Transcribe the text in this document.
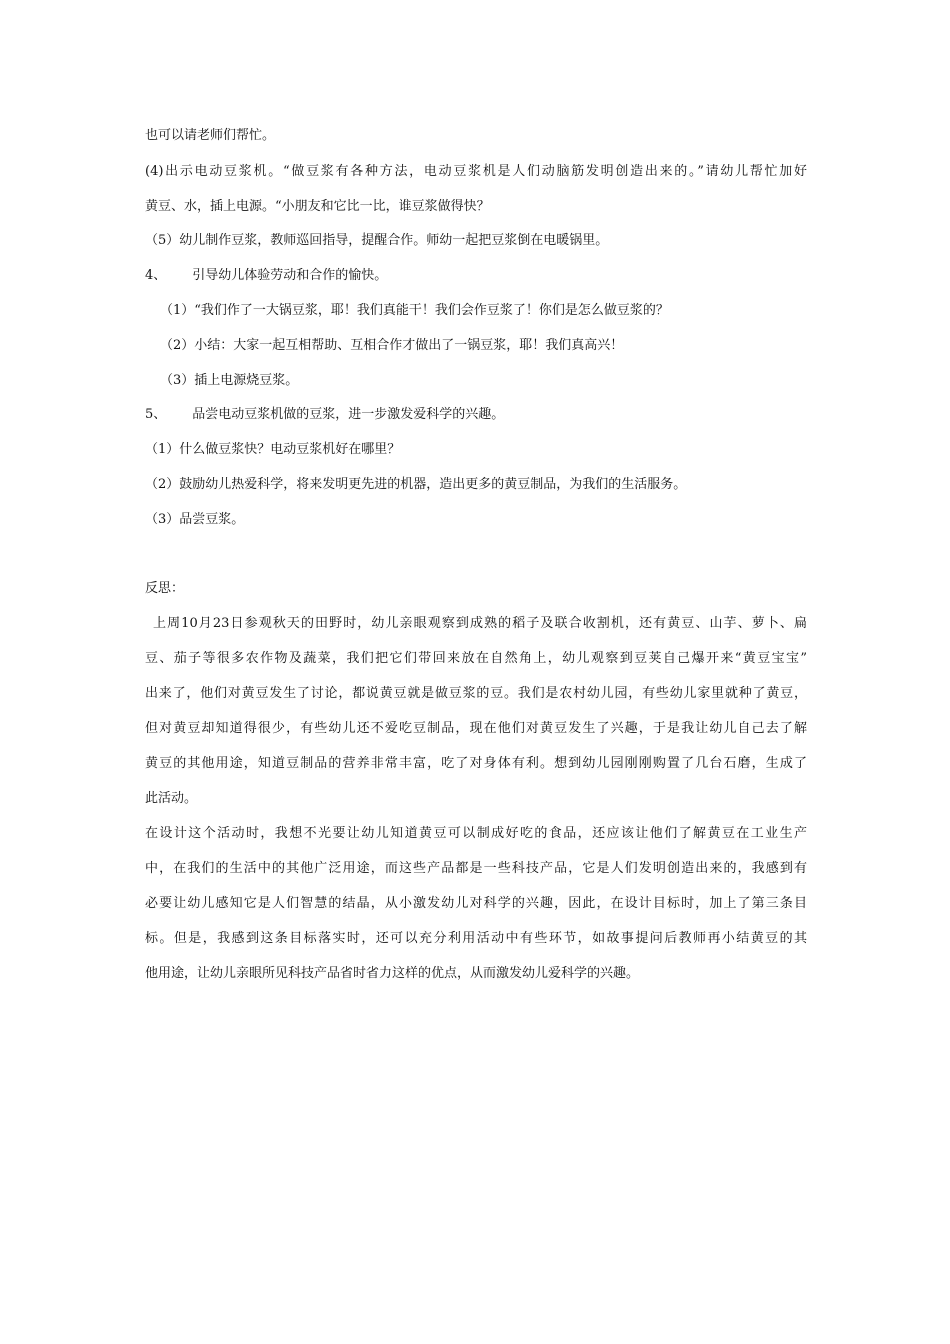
也可以请老师们帮忙。
(4)出示电动豆浆机。“做豆浆有各种方法，电动豆浆机是人们动脑筋发明创造出来的。”请幼儿帮忙加好
黄豆、水，插上电源。“小朋友和它比一比，谁豆浆做得快？
（5）幼儿制作豆浆，教师巡回指导，提醒合作。师幼一起把豆浆倒在电暖锅里。
4、 引导幼儿体验劳动和合作的愉快。
（1）“我们作了一大锅豆浆，耶！我们真能干！我们会作豆浆了！你们是怎么做豆浆的？
（2）小结：大家一起互相帮助、互相合作才做出了一锅豆浆，耶！我们真高兴！
（3）插上电源烧豆浆。
5、 品尝电动豆浆机做的豆浆，进一步激发爱科学的兴趣。
（1）什么做豆浆快？电动豆浆机好在哪里？
（2）鼓励幼儿热爱科学，将来发明更先进的机器，造出更多的黄豆制品，为我们的生活服务。
（3）品尝豆浆。
反思：
上周10月23日参观秋天的田野时，幼儿亲眼观察到成熟的稻子及联合收割机，还有黄豆、山芋、萝卜、扁
豆、茄子等很多农作物及蔬菜，我们把它们带回来放在自然角上，幼儿观察到豆荚自己爆开来“黄豆宝宝”
出来了，他们对黄豆发生了讨论，都说黄豆就是做豆浆的豆。我们是农村幼儿园，有些幼儿家里就种了黄豆，
但对黄豆却知道得很少，有些幼儿还不爱吃豆制品，现在他们对黄豆发生了兴趣，于是我让幼儿自己去了解
黄豆的其他用途，知道豆制品的营养非常丰富，吃了对身体有利。想到幼儿园刚刚购置了几台石磨，生成了
此活动。
在设计这个活动时，我想不光要让幼儿知道黄豆可以制成好吃的食品，还应该让他们了解黄豆在工业生产
中，在我们的生活中的其他广泛用途，而这些产品都是一些科技产品，它是人们发明创造出来的，我感到有
必要让幼儿感知它是人们智慧的结晶，从小激发幼儿对科学的兴趣，因此，在设计目标时，加上了第三条目
标。但是，我感到这条目标落实时，还可以充分利用活动中有些环节，如故事提问后教师再小结黄豆的其
他用途，让幼儿亲眼所见科技产品省时省力这样的优点，从而激发幼儿爱科学的兴趣。
